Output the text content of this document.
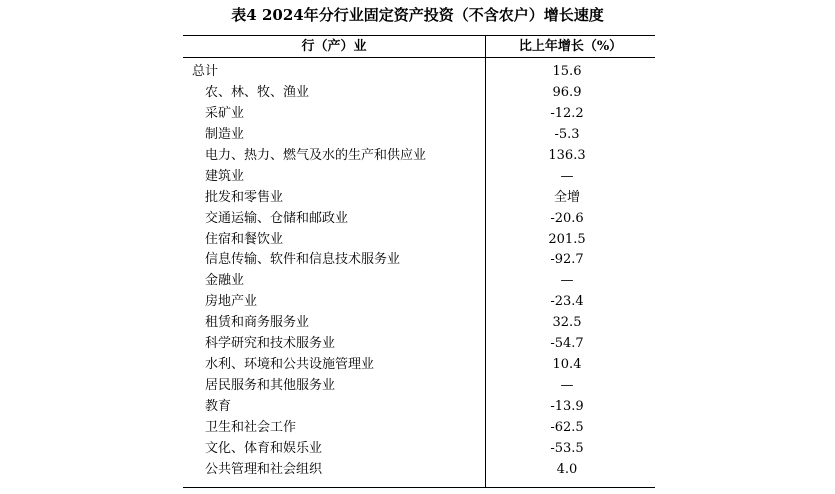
表4 2024年分行业固定资产投资（不含农户）增长速度
行（产）业	比上年增长（%）
总计	15.6
农、林、牧、渔业	96.9
采矿业	-12.2
制造业	-5.3
电力、热力、燃气及水的生产和供应业	136.3
建筑业	—
批发和零售业	全增
交通运输、仓储和邮政业	-20.6
住宿和餐饮业	201.5
信息传输、软件和信息技术服务业	-92.7
金融业	—
房地产业	-23.4
租赁和商务服务业	32.5
科学研究和技术服务业	-54.7
水利、环境和公共设施管理业	10.4
居民服务和其他服务业	—
教育	-13.9
卫生和社会工作	-62.5
文化、体育和娱乐业	-53.5
公共管理和社会组织	4.0
